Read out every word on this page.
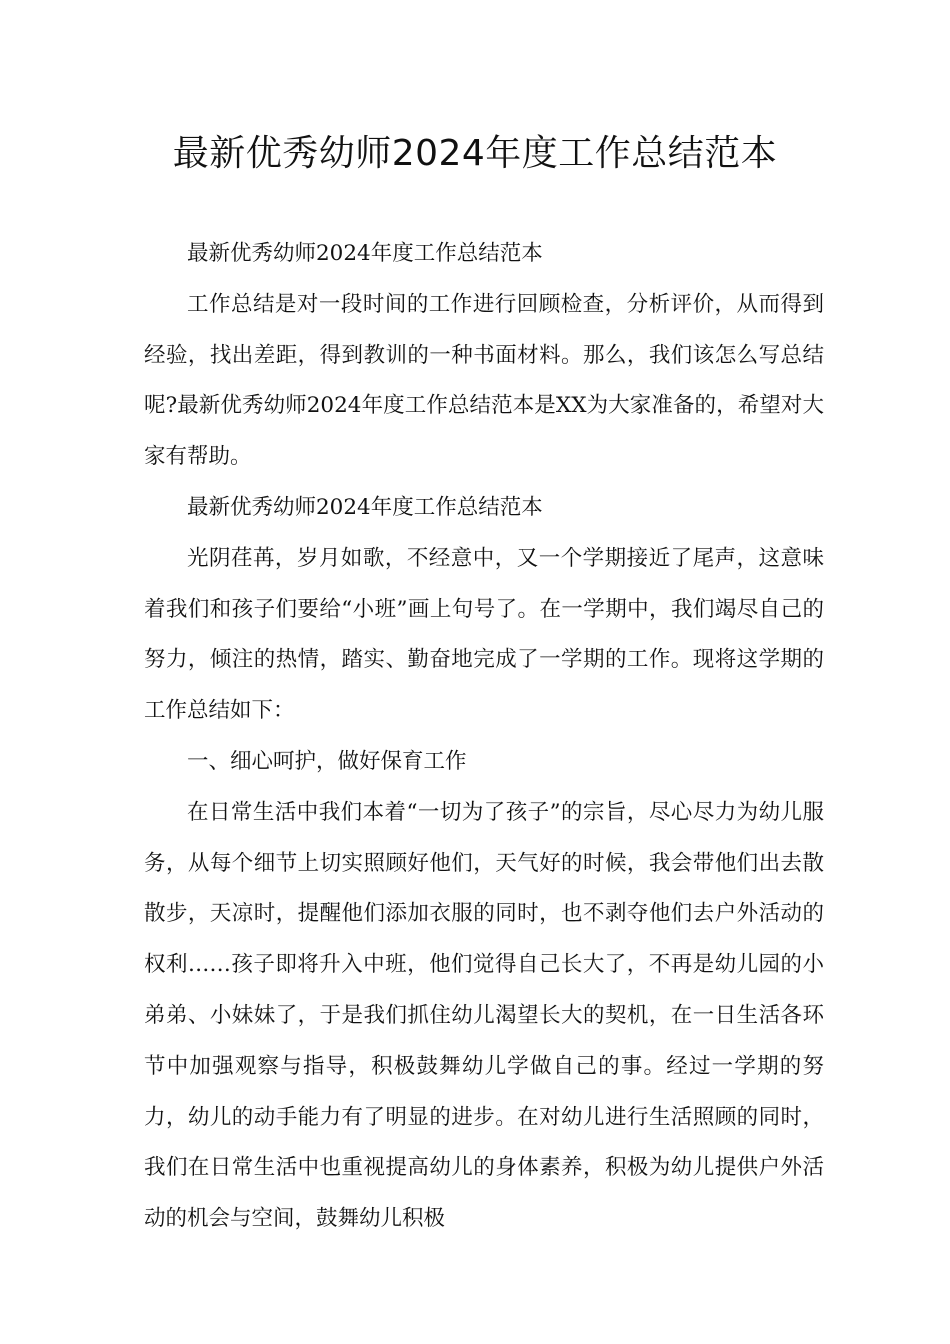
最新优秀幼师2024年度工作总结范本

最新优秀幼师2024年度工作总结范本

工作总结是对一段时间的工作进行回顾检查，分析评价，从而得到经验，找出差距，得到教训的一种书面材料。那么，我们该怎么写总结呢?最新优秀幼师2024年度工作总结范本是XX为大家准备的，希望对大家有帮助。

最新优秀幼师2024年度工作总结范本

光阴荏苒，岁月如歌，不经意中，又一个学期接近了尾声，这意味着我们和孩子们要给“小班”画上句号了。在一学期中，我们竭尽自己的努力，倾注的热情，踏实、勤奋地完成了一学期的工作。现将这学期的工作总结如下：

一、细心呵护，做好保育工作

在日常生活中我们本着“一切为了孩子”的宗旨，尽心尽力为幼儿服务，从每个细节上切实照顾好他们，天气好的时候，我会带他们出去散散步，天凉时，提醒他们添加衣服的同时，也不剥夺他们去户外活动的权利……孩子即将升入中班，他们觉得自己长大了，不再是幼儿园的小弟弟、小妹妹了，于是我们抓住幼儿渴望长大的契机，在一日生活各环节中加强观察与指导，积极鼓舞幼儿学做自己的事。经过一学期的努力，幼儿的动手能力有了明显的进步。在对幼儿进行生活照顾的同时，我们在日常生活中也重视提高幼儿的身体素养，积极为幼儿提供户外活动的机会与空间，鼓舞幼儿积极
